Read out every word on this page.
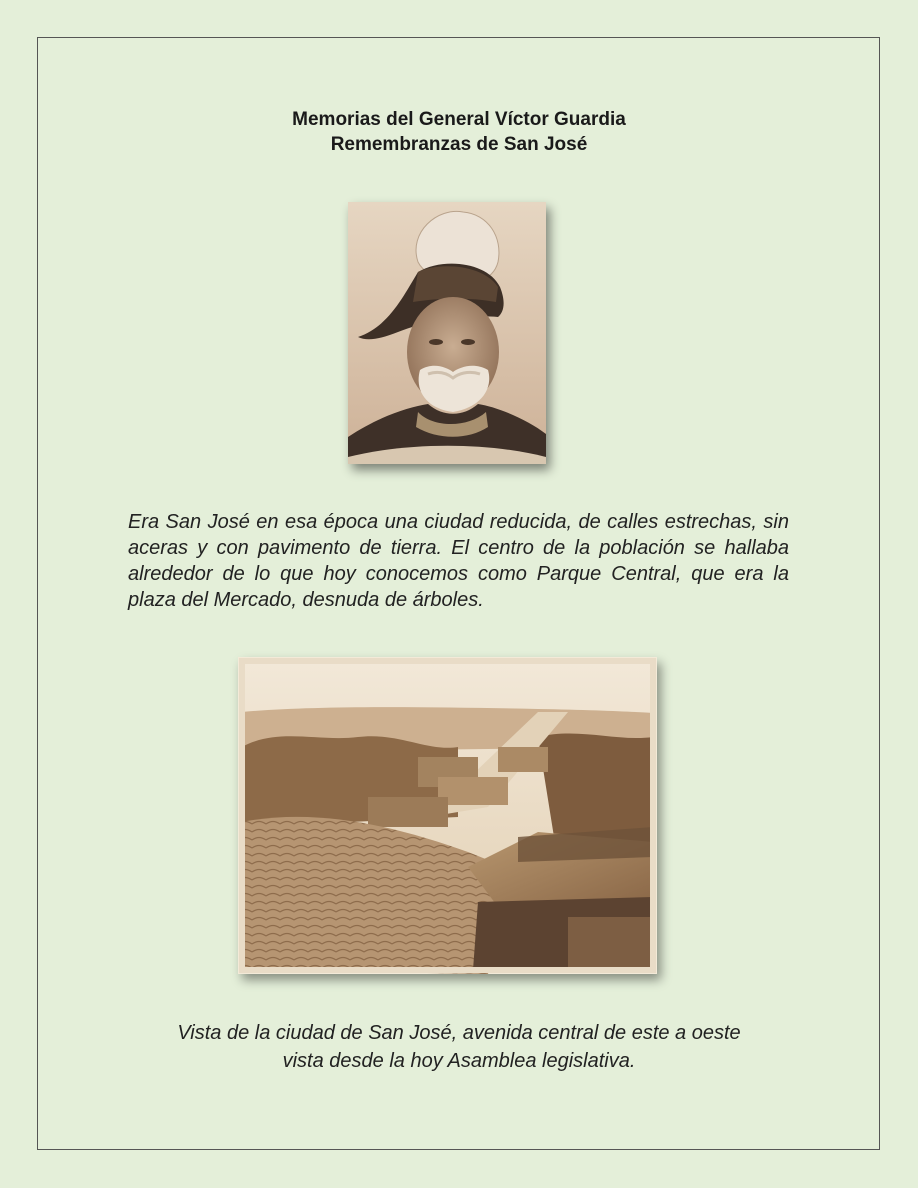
Memorias del General Víctor Guardia
Remembranzas de San José
Era San José en esa época una ciudad reducida, de calles estrechas, sin aceras y con pavimento de tierra. El centro de la población se hallaba alrededor de lo que hoy conocemos como Parque Central, que era la plaza del Mercado, desnuda de árboles.
Vista de la ciudad de San José, avenida central de este a oeste
vista desde la hoy Asamblea legislativa.
